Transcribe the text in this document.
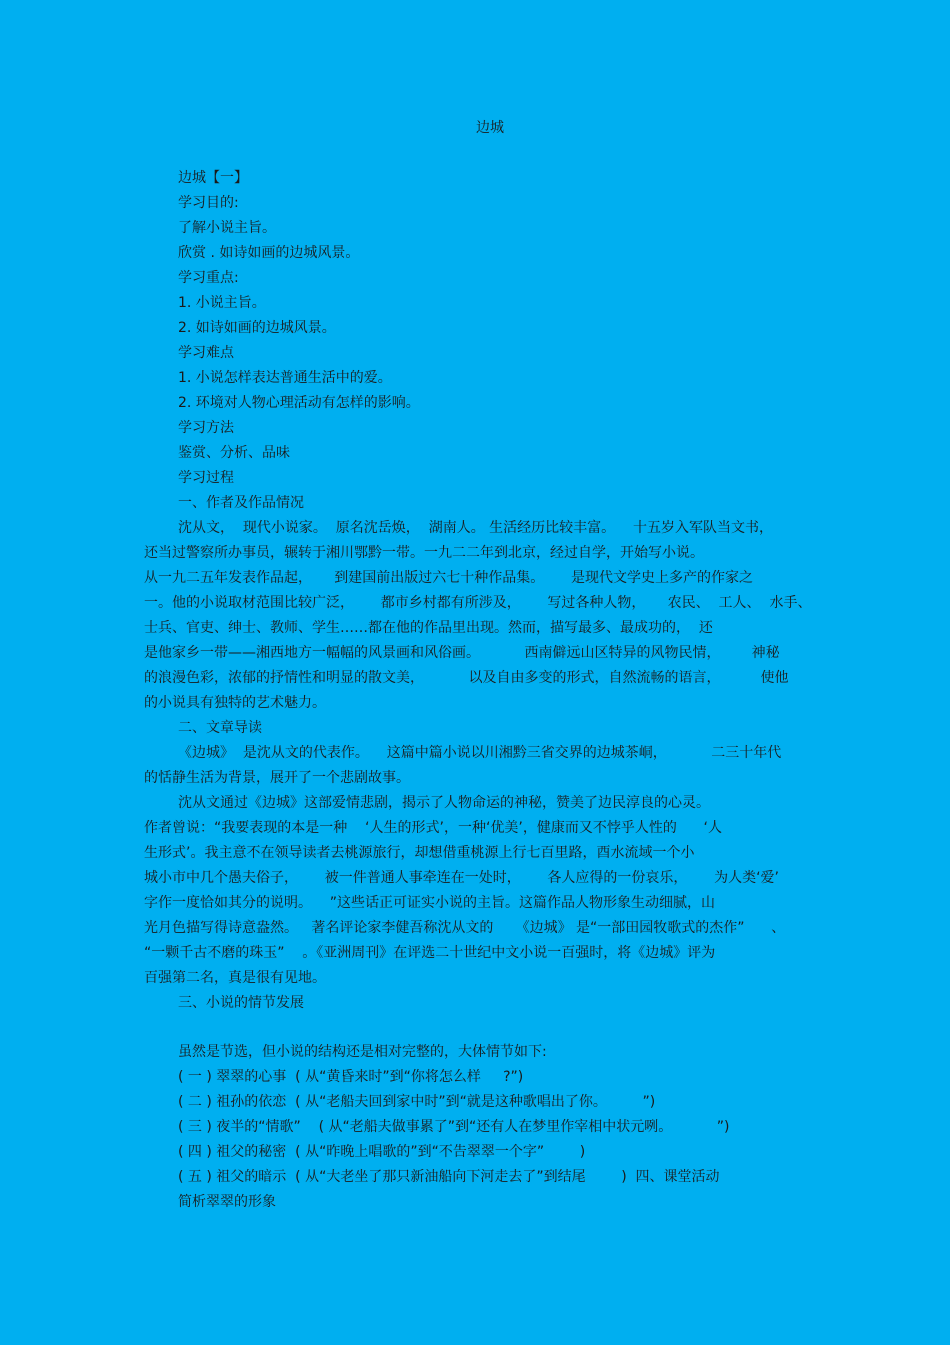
边城
边城【一】
学习目的:
了解小说主旨。
欣赏 . 如诗如画的边城风景。
学习重点:
1. 小说主旨。
2. 如诗如画的边城风景。
学习难点
1. 小说怎样表达普通生活中的爱。
2. 环境对人物心理活动有怎样的影响。
学习方法
鉴赏、分析、品味
学习过程
一、作者及作品情况
沈从文，  现代小说家。  原名沈岳焕，  湖南人。 生活经历比较丰富。    十五岁入军队当文书，
还当过警察所办事员，辗转于湘川鄂黔一带。一九二二年到北京，经过自学，开始写小说。
从一九二五年发表作品起，     到建国前出版过六七十种作品集。      是现代文学史上多产的作家之
一。他的小说取材范围比较广泛，      都市乡村都有所涉及，      写过各种人物，     农民、  工人、  水手、
士兵、官吏、绅士、教师、学生……都在他的作品里出现。然而，描写最多、最成功的，  还
是他家乡一带——湘西地方一幅幅的风景画和风俗画。          西南僻远山区特异的风物民情，       神秘
的浪漫色彩，浓郁的抒情性和明显的散文美，          以及自由多变的形式，自然流畅的语言，         使他
的小说具有独特的艺术魅力。
二、文章导读
《边城》  是沈从文的代表作。    这篇中篇小说以川湘黔三省交界的边城茶峒，          二三十年代
的恬静生活为背景，展开了一个悲剧故事。
沈从文通过《边城》这部爱情悲剧，揭示了人物命运的神秘，赞美了边民淳良的心灵。
作者曾说：“我要表现的本是一种    ‘人生的形式’，一种‘优美’，健康而又不悖乎人性的      ‘人
生形式’。我主意不在领导读者去桃源旅行，却想借重桃源上行七百里路，酉水流域一个小
城小市中几个愚夫俗子，      被一件普通人事牵连在一处时，      各人应得的一份哀乐，      为人类‘爱’
字作一度恰如其分的说明。    ”这些话正可证实小说的主旨。这篇作品人物形象生动细腻，山
光月色描写得诗意盎然。   著名评论家李健吾称沈从文的     《边城》 是“一部田园牧歌式的杰作”      、
“一颗千古不磨的珠玉”    。《亚洲周刊》在评选二十世纪中文小说一百强时，将《边城》评为
百强第二名，真是很有见地。
三、小说的情节发展
虽然是节选，但小说的结构还是相对完整的，大体情节如下:
( 一 ) 翠翠的心事  ( 从“黄昏来时”到“你将怎么样     ?”)
( 二 ) 祖孙的依恋  ( 从“老船夫回到家中时”到“就是这种歌唱出了你。        ”)
( 三 ) 夜半的“情歌”    ( 从“老船夫做事累了”到“还有人在梦里作宰相中状元咧。          ”)
( 四 ) 祖父的秘密  ( 从“昨晚上唱歌的”到“不告翠翠一个字”        )
( 五 ) 祖父的暗示  ( 从“大老坐了那只新油船向下河走去了”到结尾        )  四、课堂活动
简析翠翠的形象
